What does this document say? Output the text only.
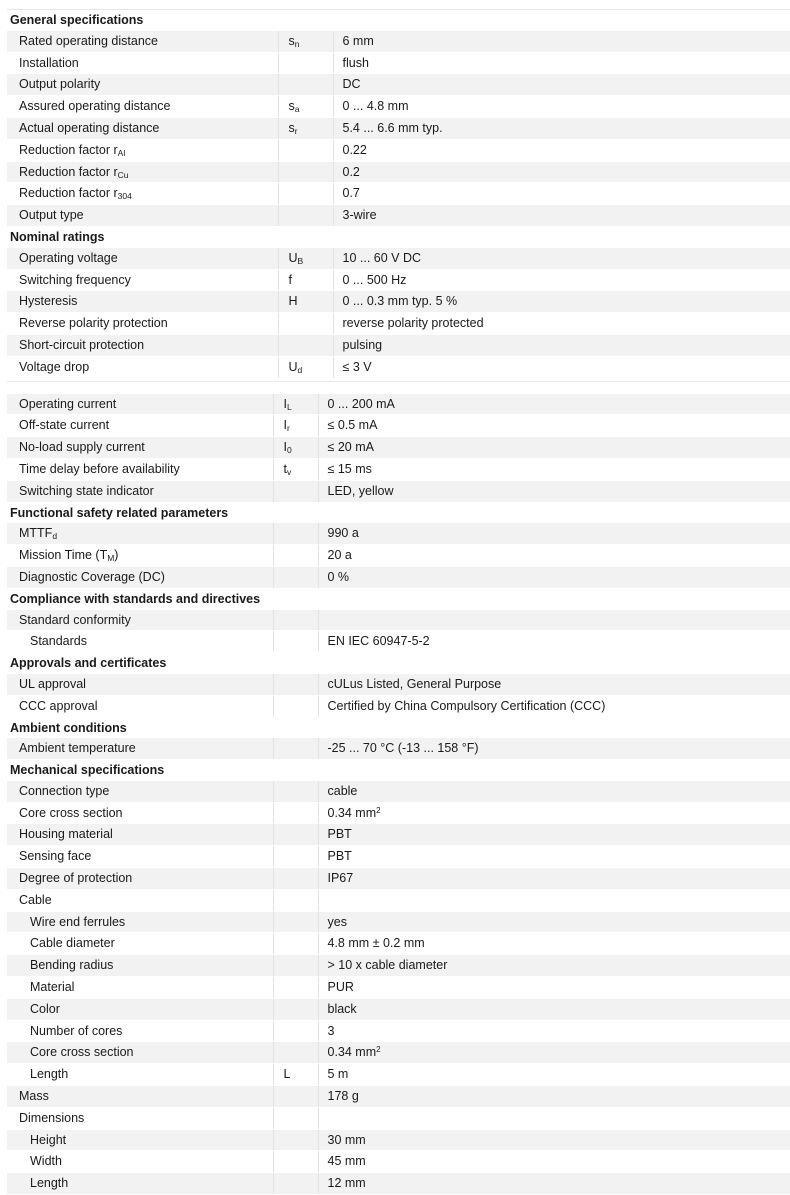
General specifications		
Rated operating distance	$s_n$	6 mm
Installation		flush
Output polarity		DC
Assured operating distance	$s_a$	0 ... 4.8 mm
Actual operating distance	$s_r$	5.4 ... 6.6 mm typ.
Reduction factor $r_{Al}$		0.22
Reduction factor $r_{Cu}$		0.2
Reduction factor $r_{304}$		0.7
Output type		3-wire
Nominal ratings		
Operating voltage	$U_B$	10 ... 60 V DC
Switching frequency	f	0 ... 500 Hz
Hysteresis	H	0 ... 0.3 mm typ. 5 %
Reverse polarity protection		reverse polarity protected
Short-circuit protection		pulsing
Voltage drop	$U_d$	≤ 3 V
Operating current	$I_L$	0 ... 200 mA
Off-state current	$I_r$	≤ 0.5 mA
No-load supply current	$I_0$	≤ 20 mA
Time delay before availability	$t_v$	≤ 15 ms
Switching state indicator		LED, yellow
Functional safety related parameters		
$MTTF_d$		990 a
Mission Time $(T_M)$		20 a
Diagnostic Coverage (DC)		0 %
Compliance with standards and directives		
Standard conformity		
Standards		EN IEC 60947-5-2
Approvals and certificates		
UL approval		cULus Listed, General Purpose
CCC approval		Certified by China Compulsory Certification (CCC)
Ambient conditions		
Ambient temperature		-25 ... 70 °C (-13 ... 158 °F)
Mechanical specifications		
Connection type		cable
Core cross section		0.34 $mm^2$
Housing material		PBT
Sensing face		PBT
Degree of protection		IP67
Cable		
Wire end ferrules		yes
Cable diameter		4.8 mm ± 0.2 mm
Bending radius		> 10 x cable diameter
Material		PUR
Color		black
Number of cores		3
Core cross section		0.34 $mm^2$
Length	L	5 m
Mass		178 g
Dimensions		
Height		30 mm
Width		45 mm
Length		12 mm
